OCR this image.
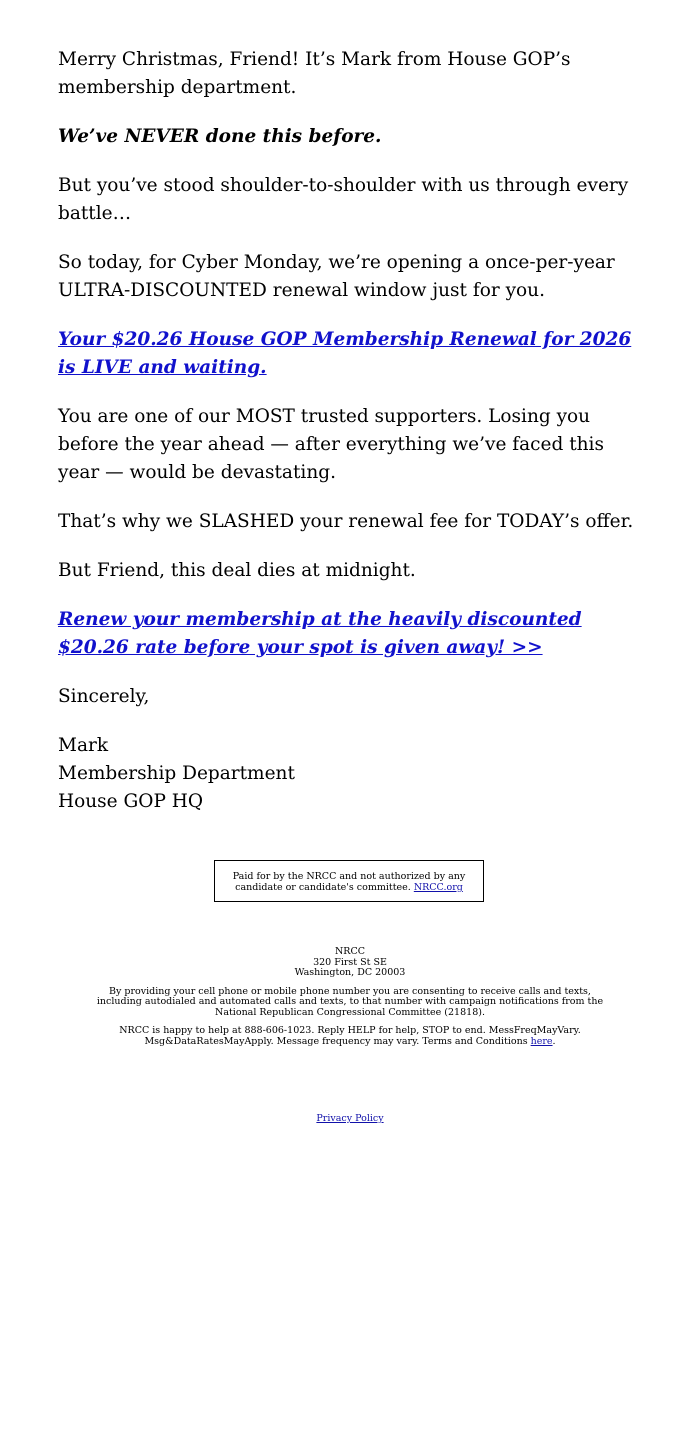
Merry Christmas, Friend! It’s Mark from House GOP’s membership department.

We’ve NEVER done this before.

But you’ve stood shoulder-to-shoulder with us through every battle…

So today, for Cyber Monday, we’re opening a once-per-year ULTRA-DISCOUNTED renewal window just for you.

Your $20.26 House GOP Membership Renewal for 2026 is LIVE and waiting.

You are one of our MOST trusted supporters. Losing you before the year ahead — after everything we’ve faced this year — would be devastating.

That’s why we SLASHED your renewal fee for TODAY’s offer.

But Friend, this deal dies at midnight.

Renew your membership at the heavily discounted $20.26 rate before your spot is given away! >>

Sincerely,

Mark
Membership Department
House GOP HQ

Paid for by the NRCC and not authorized by any candidate or candidate's committee. NRCC.org

NRCC
320 First St SE
Washington, DC 20003

By providing your cell phone or mobile phone number you are consenting to receive calls and texts, including autodialed and automated calls and texts, to that number with campaign notifications from the National Republican Congressional Committee (21818).

NRCC is happy to help at 888-606-1023. Reply HELP for help, STOP to end. MessFreqMayVary. Msg&DataRatesMayApply. Message frequency may vary. Terms and Conditions here.

Privacy Policy
